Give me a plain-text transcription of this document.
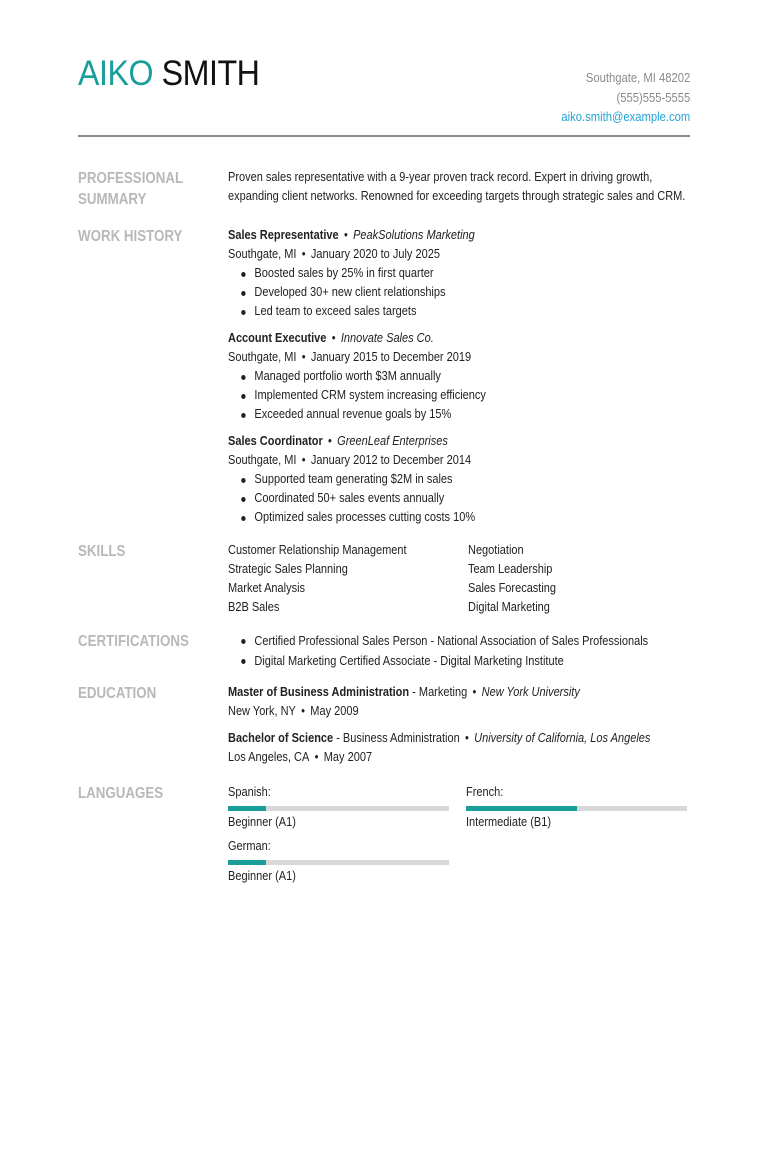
AIKO SMITH	Southgate, MI 48202
(555)555-5555
aiko.smith@example.com
PROFESSIONAL
SUMMARY
Proven sales representative with a 9-year proven track record. Expert in driving growth,
expanding client networks. Renowned for exceeding targets through strategic sales and CRM.
WORK HISTORY	Sales Representative • PeakSolutions Marketing
Southgate, MI • January 2020 to July 2025
Boosted sales by 25% in first quarter
Developed 30+ new client relationships
Led team to exceed sales targets
Account Executive • Innovate Sales Co.
Southgate, MI • January 2015 to December 2019
Managed portfolio worth $3M annually
Implemented CRM system increasing efficiency
Exceeded annual revenue goals by 15%
Sales Coordinator • GreenLeaf Enterprises
Southgate, MI • January 2012 to December 2014
Supported team generating $2M in sales
Coordinated 50+ sales events annually
Optimized sales processes cutting costs 10%
SKILLS	Customer Relationship Management	Negotiation
Strategic Sales Planning	Team Leadership
Market Analysis	Sales Forecasting
B2B Sales	Digital Marketing
CERTIFICATIONS	Certified Professional Sales Person - National Association of Sales Professionals
Digital Marketing Certified Associate - Digital Marketing Institute
EDUCATION	Master of Business Administration - Marketing • New York University
New York, NY • May 2009
Bachelor of Science - Business Administration • University of California, Los Angeles
Los Angeles, CA • May 2007
LANGUAGES	Spanish:
Beginner (A1)
French:
Intermediate (B1)
German:
Beginner (A1)
